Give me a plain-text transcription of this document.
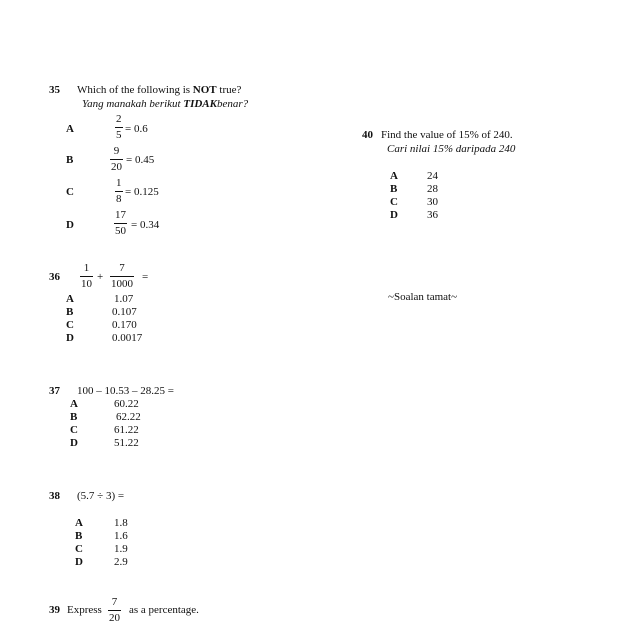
35 Which of the following is NOT true?
Yang manakah berikut TIDAKbenar?
A
2
5 = 0.6
B
9
20
= 0.45
C
1
8
= 0.125
D
17
50 = 0.34
36
1
10
+
7
1000
=
A	1.07
B	0.107
C	0.170
D	0.0017
37 100 – 10.53 – 28.25 =
A	60.22
B	62.22
C	61.22
D	51.22
38 (5.7 ÷ 3) =
A	1.8
B	1.6
C	1.9
D	2.9
39 Express
7
20
as a percentage.
40 Find the value of 15% of 240.
Cari nilai 15% daripada 240
A	24
B	28
C	30
D	36
~Soalan tamat~
